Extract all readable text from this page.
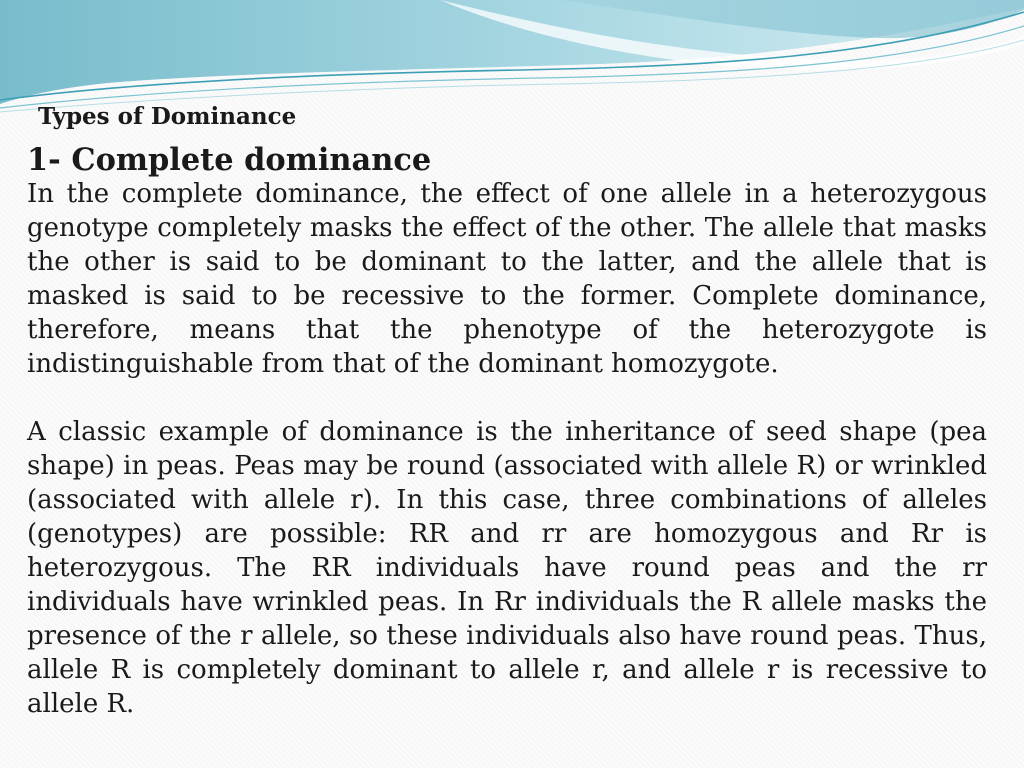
Types of Dominance
1- Complete dominance

In the complete dominance, the effect of one allele in a heterozygous genotype completely masks the effect of the other. The allele that masks the other is said to be dominant to the latter, and the allele that is masked is said to be recessive to the former. Complete dominance, therefore, means that the phenotype of the heterozygote is indistinguishable from that of the dominant homozygote.

A classic example of dominance is the inheritance of seed shape (pea shape) in peas. Peas may be round (associated with allele R) or wrinkled (associated with allele r). In this case, three combinations of alleles (genotypes) are possible: RR and rr are homozygous and Rr is heterozygous. The RR individuals have round peas and the rr individuals have wrinkled peas. In Rr individuals the R allele masks the presence of the r allele, so these individuals also have round peas. Thus, allele R is completely dominant to allele r, and allele r is recessive to allele R.
